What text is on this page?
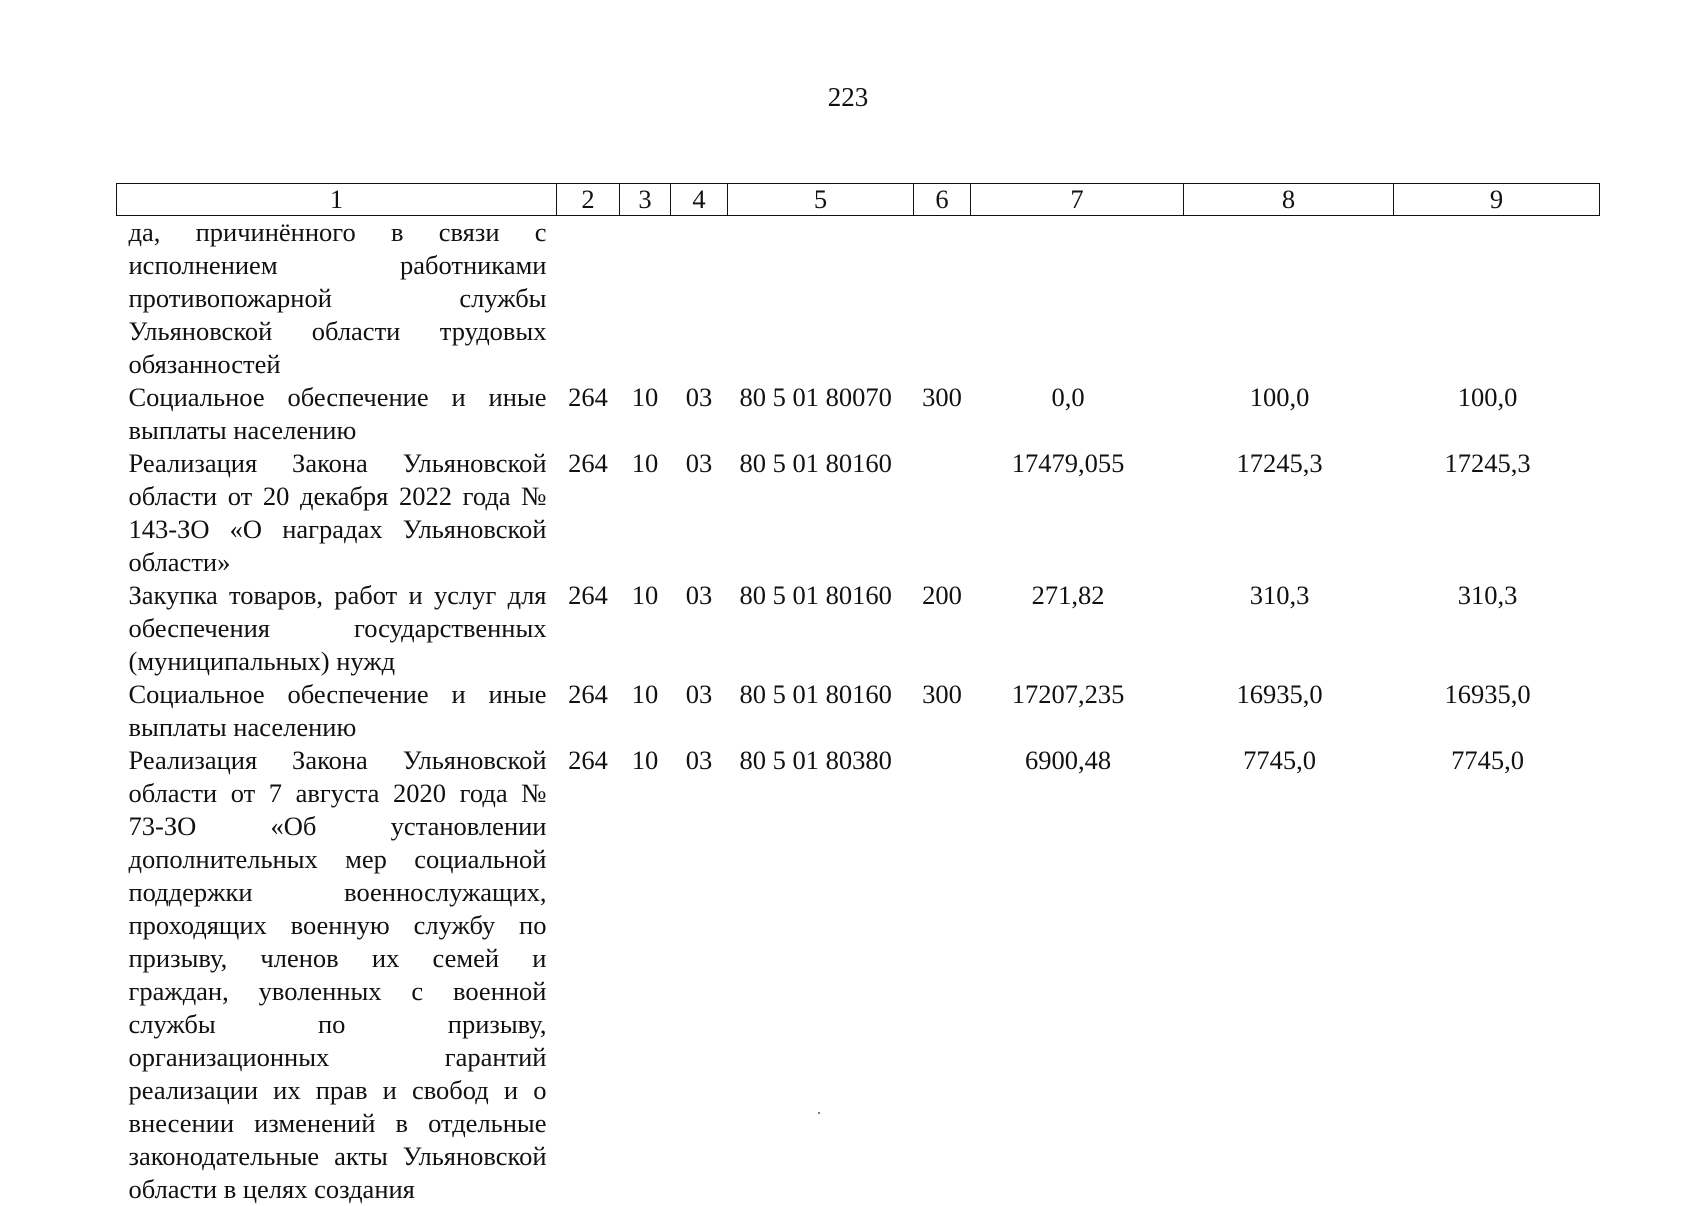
223
1	2	3	4	5	6	7	8	9
да, причинённого в связи с исполнением работниками противопожарной службы Ульяновской области трудовых обязанностей								
Социальное обеспечение и иные выплаты населению	264	10	03	80 5 01 80070	300	0,0	100,0	100,0
Реализация Закона Ульяновской области от 20 декабря 2022 года № 143-ЗО «О наградах Ульяновской области»	264	10	03	80 5 01 80160		17479,055	17245,3	17245,3
Закупка товаров, работ и услуг для обеспечения государственных (муниципальных) нужд	264	10	03	80 5 01 80160	200	271,82	310,3	310,3
Социальное обеспечение и иные выплаты населению	264	10	03	80 5 01 80160	300	17207,235	16935,0	16935,0
Реализация Закона Ульяновской области от 7 августа 2020 года № 73-ЗО «Об установлении дополнительных мер социальной поддержки военнослужащих, проходящих военную службу по призыву, членов их семей и граждан, уволенных с военной службы по призыву, организационных гарантий реализации их прав и свобод и о внесении изменений в отдельные законодательные акты Ульяновской области в целях создания	264	10	03	80 5 01 80380		6900,48	7745,0	7745,0
